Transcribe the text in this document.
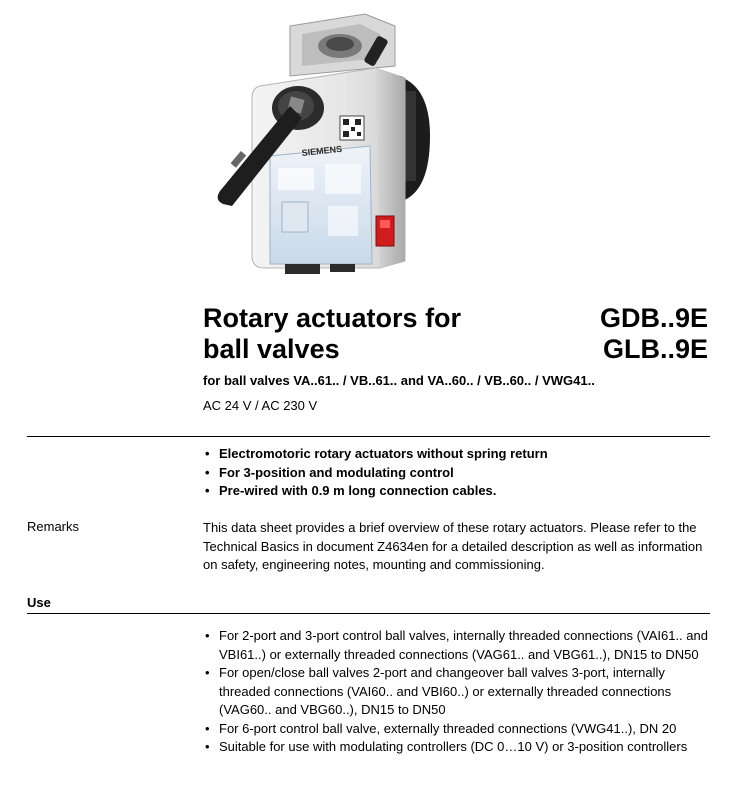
SIEMENS
Rotary actuators for
ball valves
GDB..9E
GLB..9E
for ball valves VA..61.. / VB..61.. and VA..60.. / VB..60.. / VWG41..
AC 24 V / AC 230 V
• Electromotoric rotary actuators without spring return
• For 3-position and modulating control
• Pre-wired with 0.9 m long connection cables.
Remarks	This data sheet provides a brief overview of these rotary actuators. Please refer to the Technical Basics in document Z4634en for a detailed description as well as information on safety, engineering notes, mounting and commissioning.
Use
• For 2-port and 3-port control ball valves, internally threaded connections (VAI61.. and VBI61..) or externally threaded connections (VAG61.. and VBG61..), DN15 to DN50
• For open/close ball valves 2-port and changeover ball valves 3-port, internally threaded connections (VAI60.. and VBI60..) or externally threaded connections (VAG60.. and VBG60..), DN15 to DN50
• For 6-port control ball valve, externally threaded connections (VWG41..), DN 20
• Suitable for use with modulating controllers (DC 0…10 V) or 3-position controllers
